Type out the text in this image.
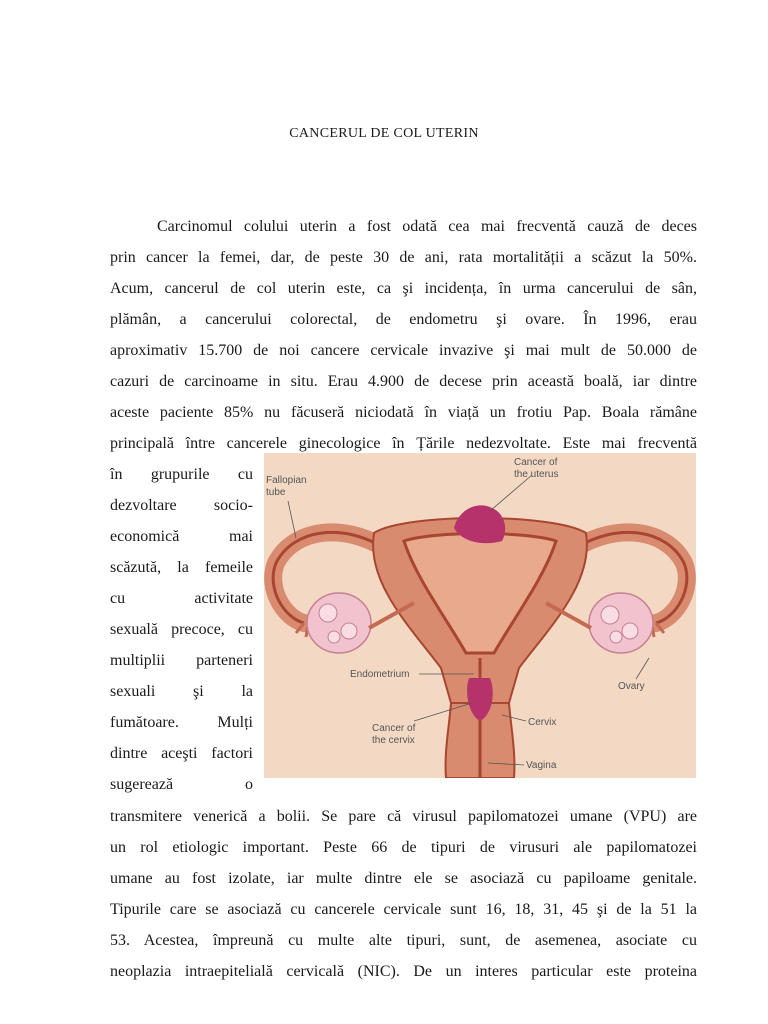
CANCERUL DE COL UTERIN
Carcinomul colului uterin a fost odată cea mai frecventă cauză de deces
prin cancer la femei, dar, de peste 30 de ani, rata mortalității a scăzut la 50%.
Acum, cancerul de col uterin este, ca şi incidența, în urma cancerului de sân,
plămân, a cancerului colorectal, de endometru şi ovare. În 1996, erau
aproximativ 15.700 de noi cancere cervicale invazive şi mai mult de 50.000 de
cazuri de carcinoame in situ. Erau 4.900 de decese prin această boală, iar dintre
aceste paciente 85% nu făcuseră niciodată în viață un frotiu Pap. Boala rămâne
principală între cancerele ginecologice în Țările nedezvoltate. Este mai frecventă
în grupurile cu
dezvoltare socio-
economică mai
scăzută, la femeile
cu activitate
sexuală precoce, cu
multiplii parteneri
sexuali şi la
fumătoare. Mulți
dintre aceşti factori
sugerează o
Fallopian
tube
Cancer of
the uterus
Endometrium
Ovary
Cervix
Cancer of
the cervix
Vagina
transmitere venerică a bolii. Se pare că virusul papilomatozei umane (VPU) are
un rol etiologic important. Peste 66 de tipuri de virusuri ale papilomatozei
umane au fost izolate, iar multe dintre ele se asociază cu papiloame genitale.
Tipurile care se asociază cu cancerele cervicale sunt 16, 18, 31, 45 şi de la 51 la
53. Acestea, împreună cu multe alte tipuri, sunt, de asemenea, asociate cu
neoplazia intraepitelială cervicală (NIC). De un interes particular este proteina
